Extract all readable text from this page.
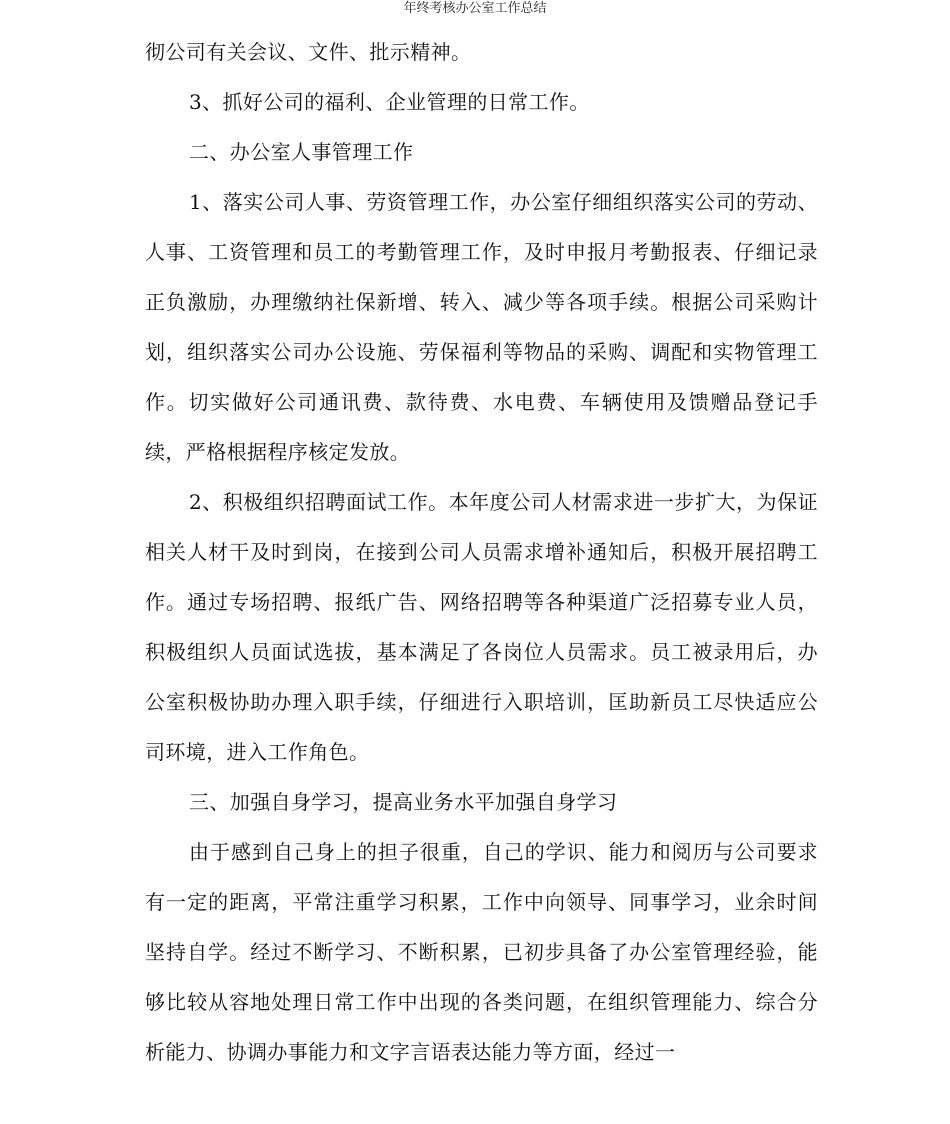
年终考核办公室工作总结

彻公司有关会议、文件、批示精神。

3、抓好公司的福利、企业管理的日常工作。

二、办公室人事管理工作

1、落实公司人事、劳资管理工作，办公室仔细组织落实公司的劳动、人事、工资管理和员工的考勤管理工作，及时申报月考勤报表、仔细记录正负激励，办理缴纳社保新增、转入、减少等各项手续。根据公司采购计划，组织落实公司办公设施、劳保福利等物品的采购、调配和实物管理工作。切实做好公司通讯费、款待费、水电费、车辆使用及馈赠品登记手续，严格根据程序核定发放。

2、积极组织招聘面试工作。本年度公司人材需求进一步扩大，为保证相关人材干及时到岗，在接到公司人员需求增补通知后，积极开展招聘工作。通过专场招聘、报纸广告、网络招聘等各种渠道广泛招募专业人员，积极组织人员面试选拔，基本满足了各岗位人员需求。员工被录用后，办公室积极协助办理入职手续，仔细进行入职培训，匡助新员工尽快适应公司环境，进入工作角色。

三、加强自身学习，提高业务水平加强自身学习

由于感到自己身上的担子很重，自己的学识、能力和阅历与公司要求有一定的距离，平常注重学习积累，工作中向领导、同事学习，业余时间坚持自学。经过不断学习、不断积累，已初步具备了办公室管理经验，能够比较从容地处理日常工作中出现的各类问题，在组织管理能力、综合分析能力、协调办事能力和文字言语表达能力等方面，经过一
